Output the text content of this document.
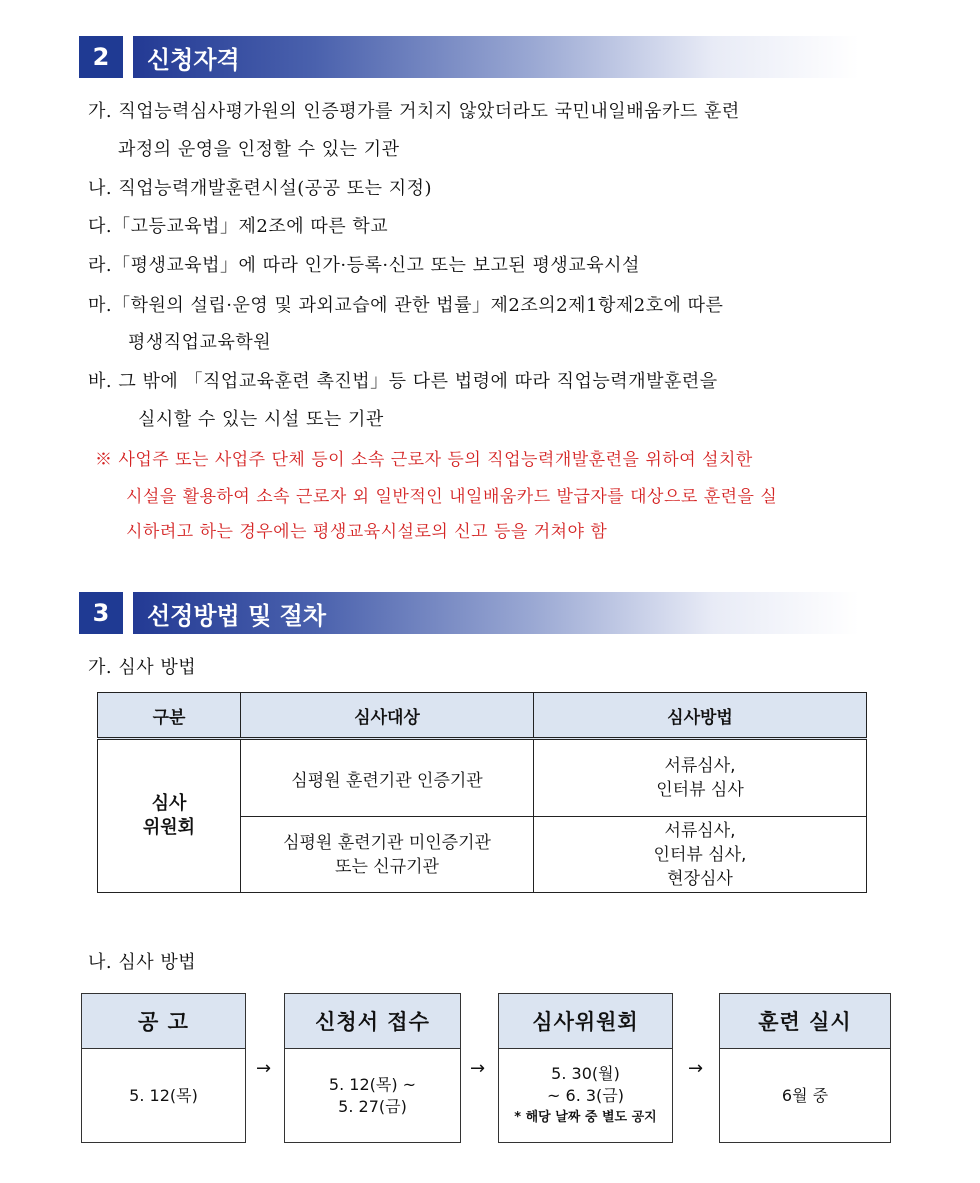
2	신청자격
가. 직업능력심사평가원의 인증평가를 거치지 않았더라도 국민내일배움카드 훈련
과정의 운영을 인정할 수 있는 기관
나. 직업능력개발훈련시설(공공 또는 지정)
다.「고등교육법」제2조에 따른 학교
라.「평생교육법」에 따라 인가·등록·신고 또는 보고된 평생교육시설
마.「학원의 설립·운영 및 과외교습에 관한 법률」제2조의2제1항제2호에 따른
평생직업교육학원
바. 그 밖에 「직업교육훈련 촉진법」등 다른 법령에 따라 직업능력개발훈련을
실시할 수 있는 시설 또는 기관
※ 사업주 또는 사업주 단체 등이 소속 근로자 등의 직업능력개발훈련을 위하여 설치한
시설을 활용하여 소속 근로자 외 일반적인 내일배움카드 발급자를 대상으로 훈련을 실
시하려고 하는 경우에는 평생교육시설로의 신고 등을 거쳐야 함
3	선정방법 및 절차
가. 심사 방법
구분	심사대상	심사방법
심사
위원회	심평원 훈련기관 인증기관	서류심사,
인터뷰 심사
	심평원 훈련기관 미인증기관
또는 신규기관	서류심사,
인터뷰 심사,
현장심사
나. 심사 방법
공 고
5. 12(목)
→
신청서 접수
5. 12(목) ~
5. 27(금)
→
심사위원회
5. 30(월)
~ 6. 3(금)
* 해당 날짜 중 별도 공지
→
훈련 실시
6월 중
